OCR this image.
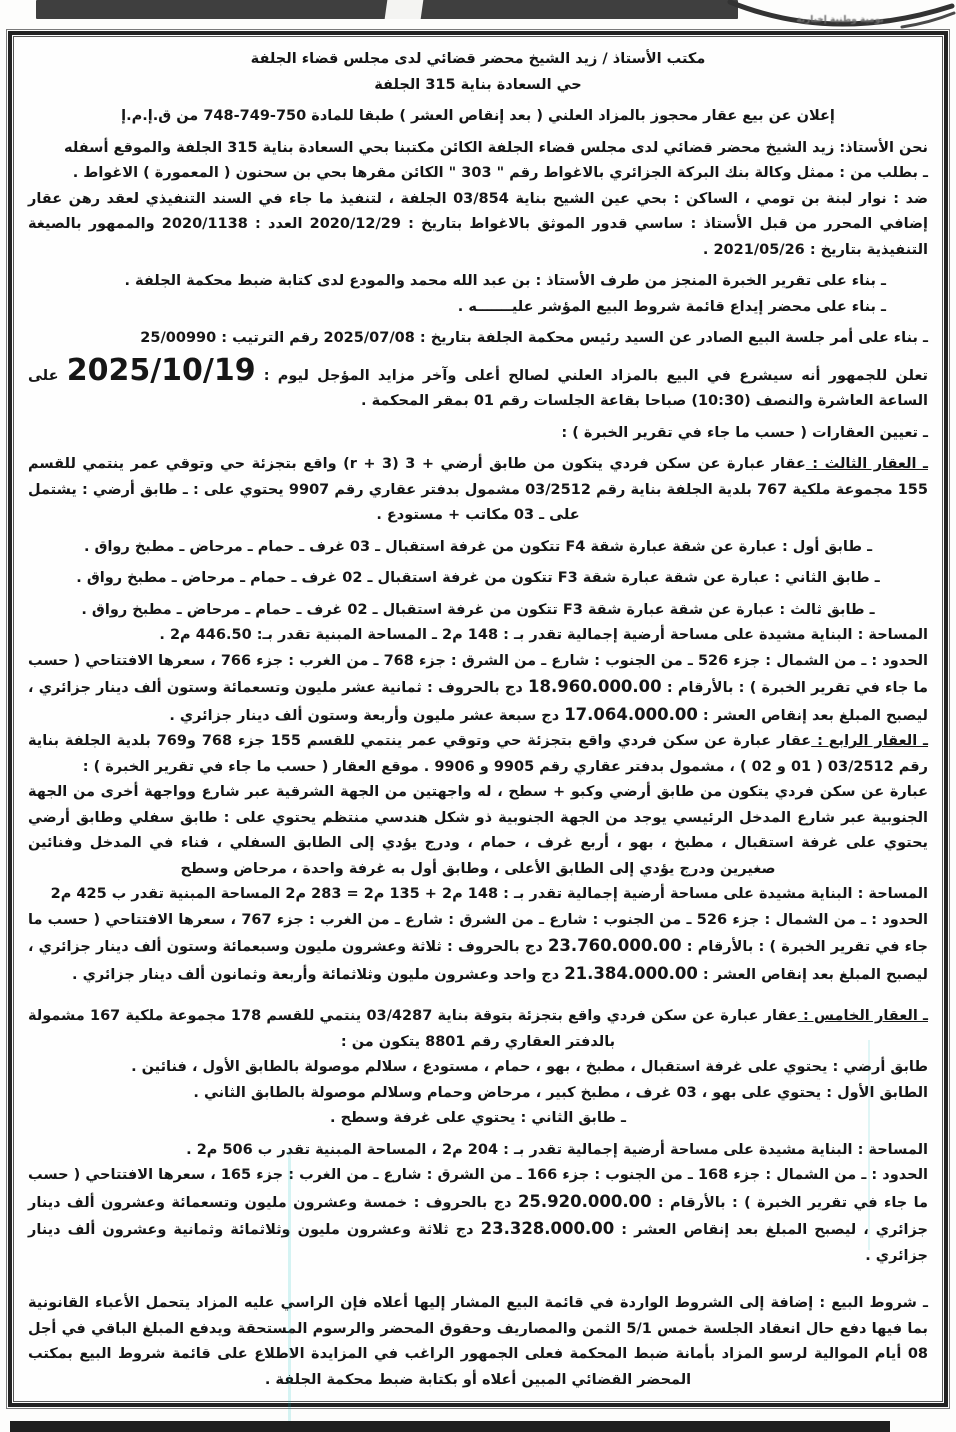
يومية وطنية إخبارية

مكتب الأستاذ / زيد الشيخ محضر قضائي لدى مجلس قضاء الجلفة

حي السعادة بناية 315 الجلفة

إعلان عن بيع عقار محجوز بالمزاد العلني ( بعد إنقاص العشر ) طبقا للمادة 750-749-748 من ق.إ.م.إ

نحن الأستاذ: زيد الشيخ محضر قضائي لدى مجلس قضاء الجلفة الكائن مكتبنا بحي السعادة بناية 315 الجلفة والموقع أسفله

ـ بطلب من : ممثل وكالة بنك البركة الجزائري بالاغواط رقم " 303 " الكائن مقرها بحي بن سحنون ( المعمورة ) الاغواط .

ضد : نوار لبنة بن تومي ، الساكن : بحي عين الشيح بناية 03/854 الجلفة ، لتنفيذ ما جاء في السند التنفيذي لعقد رهن عقار إضافي المحرر من قبل الأستاذ : ساسي قدور الموثق بالاغواط بتاريخ : 2020/12/29 العدد : 2020/1138 والممهور بالصيغة التنفيذية بتاريخ : 2021/05/26 .

ـ بناء على تقرير الخبرة المنجز من طرف الأستاذ : بن عبد الله محمد والمودع لدى كتابة ضبط محكمة الجلفة .

ـ بناء على محضر إيداع قائمة شروط البيع المؤشر عليـــــــه .

ـ بناء على أمر جلسة البيع الصادر عن السيد رئيس محكمة الجلفة بتاريخ : 2025/07/08 رقم الترتيب : 25/00990

تعلن للجمهور أنه سيشرع في البيع بالمزاد العلني لصالح أعلى وآخر مزايد المؤجل ليوم : 2025/10/19 على الساعة العاشرة والنصف (10:30) صباحا بقاعة الجلسات رقم 01 بمقر المحكمة .

ـ تعيين العقارات ( حسب ما جاء في تقرير الخبرة ) :

ـ العقار الثالث : عقار عبارة عن سكن فردي يتكون من طابق أرضي + 3 (r + 3) واقع بتجزئة حي وتوقي عمر ينتمي للقسم 155 مجموعة ملكية 767 بلدية الجلفة بناية رقم 03/2512 مشمول بدفتر عقاري رقم 9907 يحتوي على : ـ طابق أرضي : يشتمل على ـ 03 مكاتب + مستودع .

ـ طابق أول : عبارة عن شقة عبارة شقة F4 تتكون من غرفة استقبال ـ 03 غرف ـ حمام ـ مرحاض ـ مطبخ رواق .

ـ طابق الثاني : عبارة عن شقة عبارة شقة F3 تتكون من غرفة استقبال ـ 02 غرف ـ حمام ـ مرحاض ـ مطبخ رواق .

ـ طابق ثالث : عبارة عن شقة عبارة شقة F3 تتكون من غرفة استقبال ـ 02 غرف ـ حمام ـ مرحاض ـ مطبخ رواق .

المساحة : البناية مشيدة على مساحة أرضية إجمالية تقدر بـ : 148 م2 ـ المساحة المبنية تقدر بـ: 446.50 م2 .

الحدود : ـ من الشمال : جزء 526 ـ من الجنوب : شارع ـ من الشرق : جزء 768 ـ من الغرب : جزء 766 ، سعرها الافتتاحي ( حسب ما جاء في تقرير الخبرة ) : بالأرقام : 18.960.000.00 دج بالحروف : ثمانية عشر مليون وتسعمائة وستون ألف دينار جزائري ، ليصبح المبلغ بعد إنقاص العشر : 17.064.000.00 دج سبعة عشر مليون وأربعة وستون ألف دينار جزائري .

ـ العقار الرابع : عقار عبارة عن سكن فردي واقع بتجزئة حي وتوقي عمر ينتمي للقسم 155 جزء 768 و769 بلدية الجلفة بناية رقم 03/2512 ( 01 و 02 ) ، مشمول بدفتر عقاري رقم 9905 و 9906 . موقع العقار ( حسب ما جاء في تقرير الخبرة ) :

عبارة عن سكن فردي يتكون من طابق أرضي وكبو + سطح ، له واجهتين من الجهة الشرقية عبر شارع وواجهة أخرى من الجهة الجنوبية عبر شارع المدخل الرئيسي يوجد من الجهة الجنوبية ذو شكل هندسي منتظم يحتوي على : طابق سفلي وطابق أرضي يحتوي على غرفة استقبال ، مطبخ ، بهو ، أربع غرف ، حمام ، ودرج يؤدي إلى الطابق السفلي ، فناء في المدخل وفنائين صغيرين ودرج يؤدي إلى الطابق الأعلى ، وطابق أول به غرفة واحدة ، مرحاض وسطح

المساحة : البناية مشيدة على مساحة أرضية إجمالية تقدر بـ : 148 م2 + 135 م2 = 283 م2 المساحة المبنية تقدر ب 425 م2

الحدود : ـ من الشمال : جزء 526 ـ من الجنوب : شارع ـ من الشرق : شارع ـ من الغرب : جزء 767 ، سعرها الافتتاحي ( حسب ما جاء في تقرير الخبرة ) : بالأرقام : 23.760.000.00 دج بالحروف : ثلاثة وعشرون مليون وسبعمائة وستون ألف دينار جزائري ، ليصبح المبلغ بعد إنقاص العشر : 21.384.000.00 دج واحد وعشرون مليون وثلاثمائة وأربعة وثمانون ألف دينار جزائري .

ـ العقار الخامس : عقار عبارة عن سكن فردي واقع بتجزئة بتوقة بناية 03/4287 ينتمي للقسم 178 مجموعة ملكية 167 مشمولة بالدفتر العقاري رقم 8801 يتكون من :

طابق أرضي : يحتوي على غرفة استقبال ، مطبخ ، بهو ، حمام ، مستودع ، سلالم موصولة بالطابق الأول ، فنائين .

الطابق الأول : يحتوي على بهو ، 03 غرف ، مطبخ كبير ، مرحاض وحمام وسلالم موصولة بالطابق الثاني .

ـ طابق الثاني : يحتوي على غرفة وسطح .

المساحة : البناية مشيدة على مساحة أرضية إجمالية تقدر بـ : 204 م2 ، المساحة المبنية تقدر ب 506 م2 .

الحدود : ـ من الشمال : جزء 168 ـ من الجنوب : جزء 166 ـ من الشرق : شارع ـ من الغرب : جزء 165 ، سعرها الافتتاحي ( حسب ما جاء في تقرير الخبرة ) : بالأرقام : 25.920.000.00 دج بالحروف : خمسة وعشرون مليون وتسعمائة وعشرون ألف دينار جزائري ، ليصبح المبلغ بعد إنقاص العشر : 23.328.000.00 دج ثلاثة وعشرون مليون وثلاثمائة وثمانية وعشرون ألف دينار جزائري .

ـ شروط البيع : إضافة إلى الشروط الواردة في قائمة البيع المشار إليها أعلاه فإن الراسي عليه المزاد يتحمل الأعباء القانونية بما فيها دفع حال انعقاد الجلسة خمس 5/1 الثمن والمصاريف وحقوق المحضر والرسوم المستحقة ويدفع المبلغ الباقي في أجل 08 أيام الموالية لرسو المزاد بأمانة ضبط المحكمة فعلى الجمهور الراغب في المزايدة الاطلاع على قائمة شروط البيع بمكتب المحضر القضائي المبين أعلاه أو بكتابة ضبط محكمة الجلفة .
